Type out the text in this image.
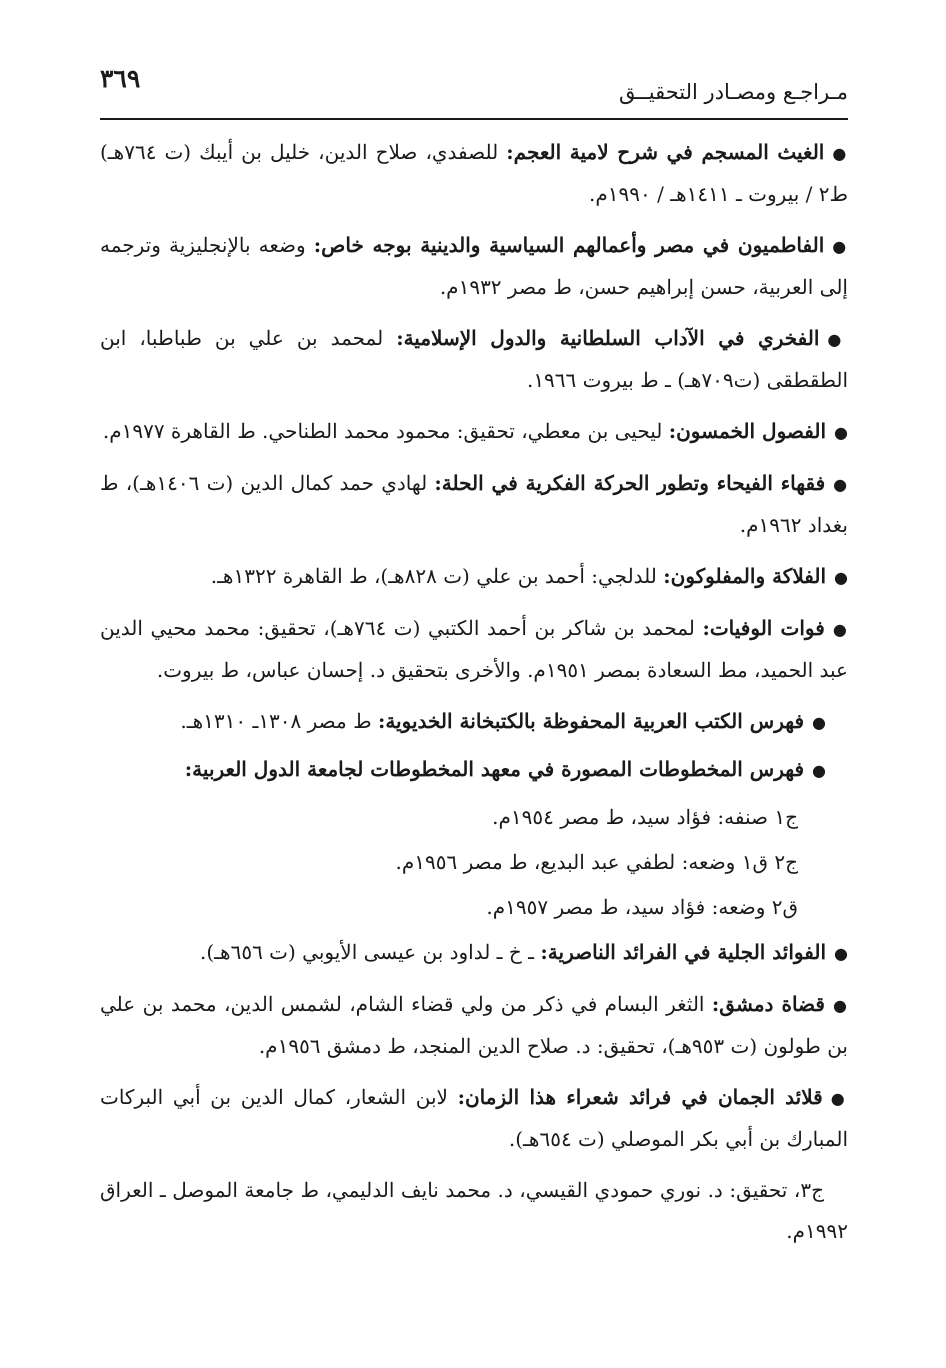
٣٦٩	مـراجـع ومصـادر التحقيــق

●الغيث المسجم في شرح لامية العجم: للصفدي، صلاح الدين، خليل بن أيبك (ت ٧٦٤هـ) ط٢ / بيروت ـ ١٤١١هـ / ١٩٩٠م.

●الفاطميون في مصر وأعمالهم السياسية والدينية بوجه خاص: وضعه بالإنجليزية وترجمه إلى العربية، حسن إبراهيم حسن، ط مصر ١٩٣٢م.

●الفخري في الآداب السلطانية والدول الإسلامية: لمحمد بن علي بن طباطبا، ابن الطقطقى (ت٧٠٩هـ) ـ ط بيروت ١٩٦٦.

●الفصول الخمسون: ليحيى بن معطي، تحقيق: محمود محمد الطناحي. ط القاهرة ١٩٧٧م.

●فقهاء الفيحاء وتطور الحركة الفكرية في الحلة: لهادي حمد كمال الدين (ت ١٤٠٦هـ)، ط بغداد ١٩٦٢م.

●الفلاكة والمفلوكون: للدلجي: أحمد بن علي (ت ٨٢٨هـ)، ط القاهرة ١٣٢٢هـ.

●فوات الوفيات: لمحمد بن شاكر بن أحمد الكتبي (ت ٧٦٤هـ)، تحقيق: محمد محيي الدين عبد الحميد، مط السعادة بمصر ١٩٥١م. والأخرى بتحقيق د. إحسان عباس، ط بيروت.

●فهرس الكتب العربية المحفوظة بالكتبخانة الخديوية: ط مصر ١٣٠٨ـ ١٣١٠هـ.

●فهرس المخطوطات المصورة في معهد المخطوطات لجامعة الدول العربية:

ج١ صنفه: فؤاد سيد، ط مصر ١٩٥٤م.

ج٢ ق١ وضعه: لطفي عبد البديع، ط مصر ١٩٥٦م.

ق٢ وضعه: فؤاد سيد، ط مصر ١٩٥٧م.

●الفوائد الجلية في الفرائد الناصرية: ـ خ ـ لداود بن عيسى الأيوبي (ت ٦٥٦هـ).

●قضاة دمشق: الثغر البسام في ذكر من ولي قضاء الشام، لشمس الدين، محمد بن علي بن طولون (ت ٩٥٣هـ)، تحقيق: د. صلاح الدين المنجد، ط دمشق ١٩٥٦م.

●قلائد الجمان في فرائد شعراء هذا الزمان: لابن الشعار، كمال الدين بن أبي البركات المبارك بن أبي بكر الموصلي (ت ٦٥٤هـ).

ج٣، تحقيق: د. نوري حمودي القيسي، د. محمد نايف الدليمي، ط جامعة الموصل ـ العراق ١٩٩٢م.
